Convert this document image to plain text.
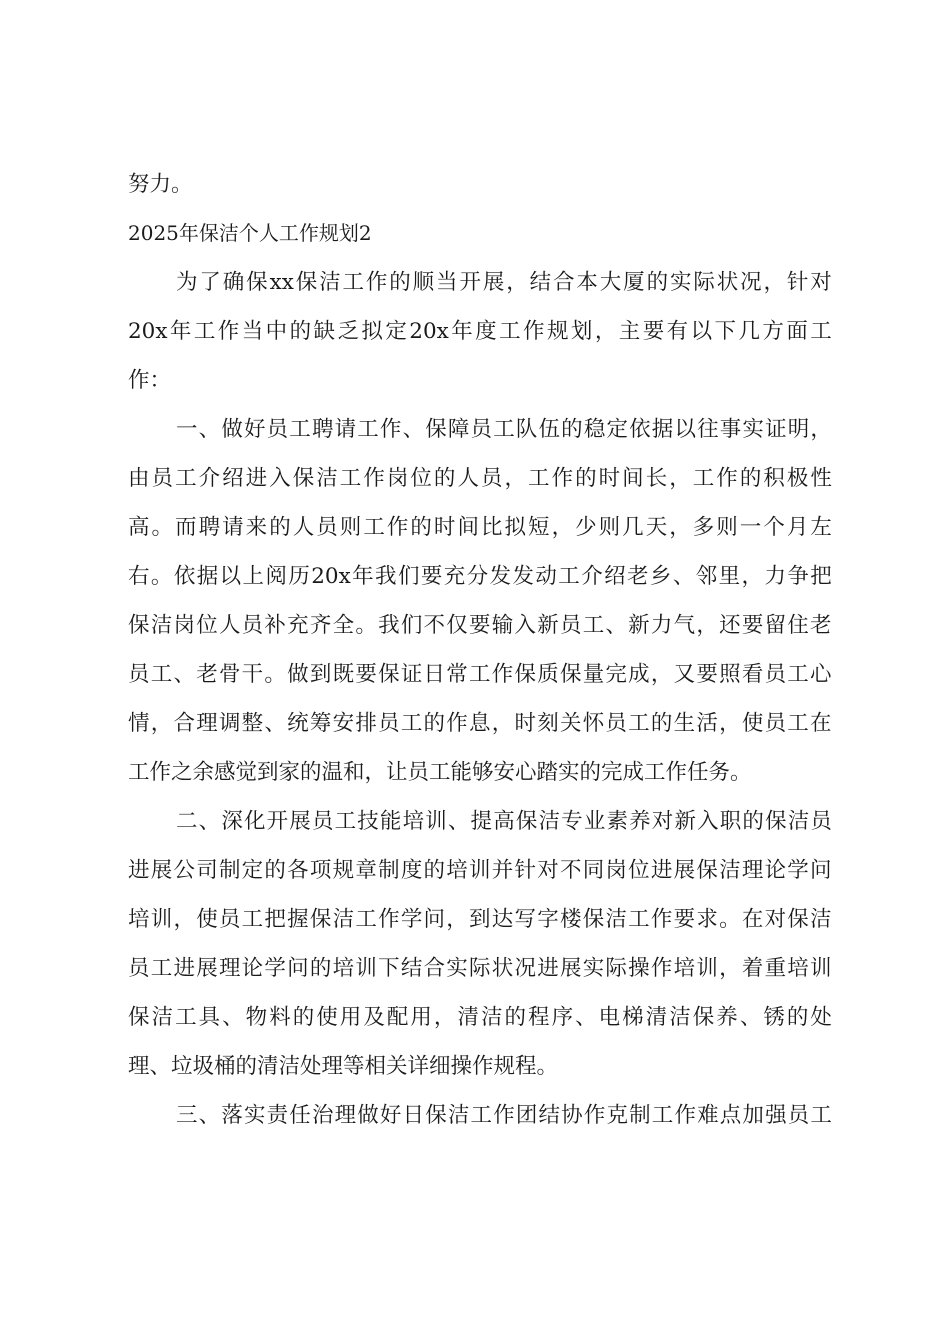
努力。

2025年保洁个人工作规划2

为 了 确 保 xx 保 洁 工 作 的 顺 当 开 展 ， 结 合 本 大 厦 的 实 际 状 况 ， 针 对

20x 年 工 作 当 中 的 缺 乏 拟 定 20x 年 度 工 作 规 划 ， 主 要 有 以 下 几 方 面 工

作：

一 、 做 好 员 工 聘 请 工 作 、 保 障 员 工 队 伍 的 稳 定 依 据 以 往 事 实 证 明 ，

由 员 工 介 绍 进 入 保 洁 工 作 岗 位 的 人 员 ， 工 作 的 时 间 长 ， 工 作 的 积 极 性

高 。 而 聘 请 来 的 人 员 则 工 作 的 时 间 比 拟 短 ， 少 则 几 天 ， 多 则 一 个 月 左

右 。 依 据 以 上 阅 历 20x 年 我 们 要 充 分 发 发 动 工 介 绍 老 乡 、 邻 里 ， 力 争 把

保 洁 岗 位 人 员 补 充 齐 全 。 我 们 不 仅 要 输 入 新 员 工 、 新 力 气 ， 还 要 留 住 老

员 工 、 老 骨 干 。 做 到 既 要 保 证 日 常 工 作 保 质 保 量 完 成 ， 又 要 照 看 员 工 心

情 ， 合 理 调 整 、 统 筹 安 排 员 工 的 作 息 ， 时 刻 关 怀 员 工 的 生 活 ， 使 员 工 在

工作之余感觉到家的温和，让员工能够安心踏实的完成工作任务。

二 、 深 化 开 展 员 工 技 能 培 训 、 提 高 保 洁 专 业 素 养 对 新 入 职 的 保 洁 员

进 展 公 司 制 定 的 各 项 规 章 制 度 的 培 训 并 针 对 不 同 岗 位 进 展 保 洁 理 论 学 问

培 训 ， 使 员 工 把 握 保 洁 工 作 学 问 ， 到 达 写 字 楼 保 洁 工 作 要 求 。 在 对 保 洁

员 工 进 展 理 论 学 问 的 培 训 下 结 合 实 际 状 况 进 展 实 际 操 作 培 训 ， 着 重 培 训

保 洁 工 具 、 物 料 的 使 用 及 配 用 ， 清 洁 的 程 序 、 电 梯 清 洁 保 养 、 锈 的 处

理、垃圾桶的清洁处理等相关详细操作规程。

三 、 落 实 责 任 治 理 做 好 日 保 洁 工 作 团 结 协 作 克 制 工 作 难 点 加 强 员 工
